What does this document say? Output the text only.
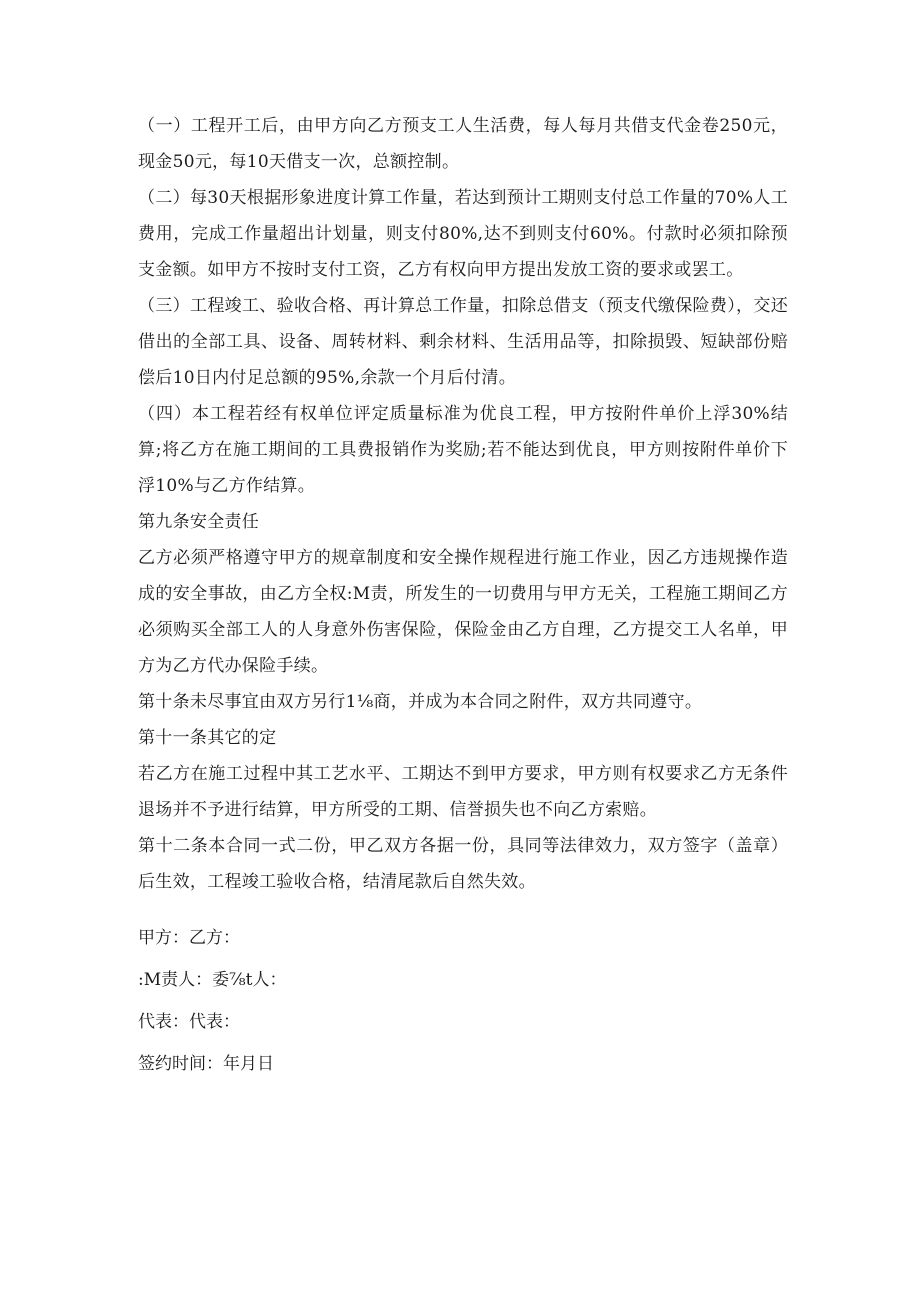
（一）工程开工后，由甲方向乙方预支工人生活费，每人每月共借支代金卷250元，现金50元，每10天借支一次，总额控制。

（二）每30天根据形象进度计算工作量，若达到预计工期则支付总工作量的70%人工费用，完成工作量超出计划量，则支付80%,达不到则支付60%。付款时必须扣除预支金额。如甲方不按时支付工资，乙方有权向甲方提出发放工资的要求或罢工。

（三）工程竣工、验收合格、再计算总工作量，扣除总借支（预支代缴保险费），交还借出的全部工具、设备、周转材料、剩余材料、生活用品等，扣除损毁、短缺部份赔偿后10日内付足总额的95%,余款一个月后付清。

（四）本工程若经有权单位评定质量标准为优良工程，甲方按附件单价上浮30%结算;将乙方在施工期间的工具费报销作为奖励;若不能达到优良，甲方则按附件单价下浮10%与乙方作结算。

第九条安全责任

乙方必须严格遵守甲方的规章制度和安全操作规程进行施工作业，因乙方违规操作造成的安全事故，由乙方全权:M责，所发生的一切费用与甲方无关，工程施工期间乙方必须购买全部工人的人身意外伤害保险，保险金由乙方自理，乙方提交工人名单，甲方为乙方代办保险手续。

第十条未尽事宜由双方另行1⅛商，并成为本合同之附件，双方共同遵守。

第十一条其它的定

若乙方在施工过程中其工艺水平、工期达不到甲方要求，甲方则有权要求乙方无条件退场并不予进行结算，甲方所受的工期、信誉损失也不向乙方索赔。

第十二条本合同一式二份，甲乙双方各据一份，具同等法律效力，双方签字（盖章）后生效，工程竣工验收合格，结清尾款后自然失效。

甲方：乙方：

:M责人：委⅞t人：

代表：代表：

签约时间：年月日
